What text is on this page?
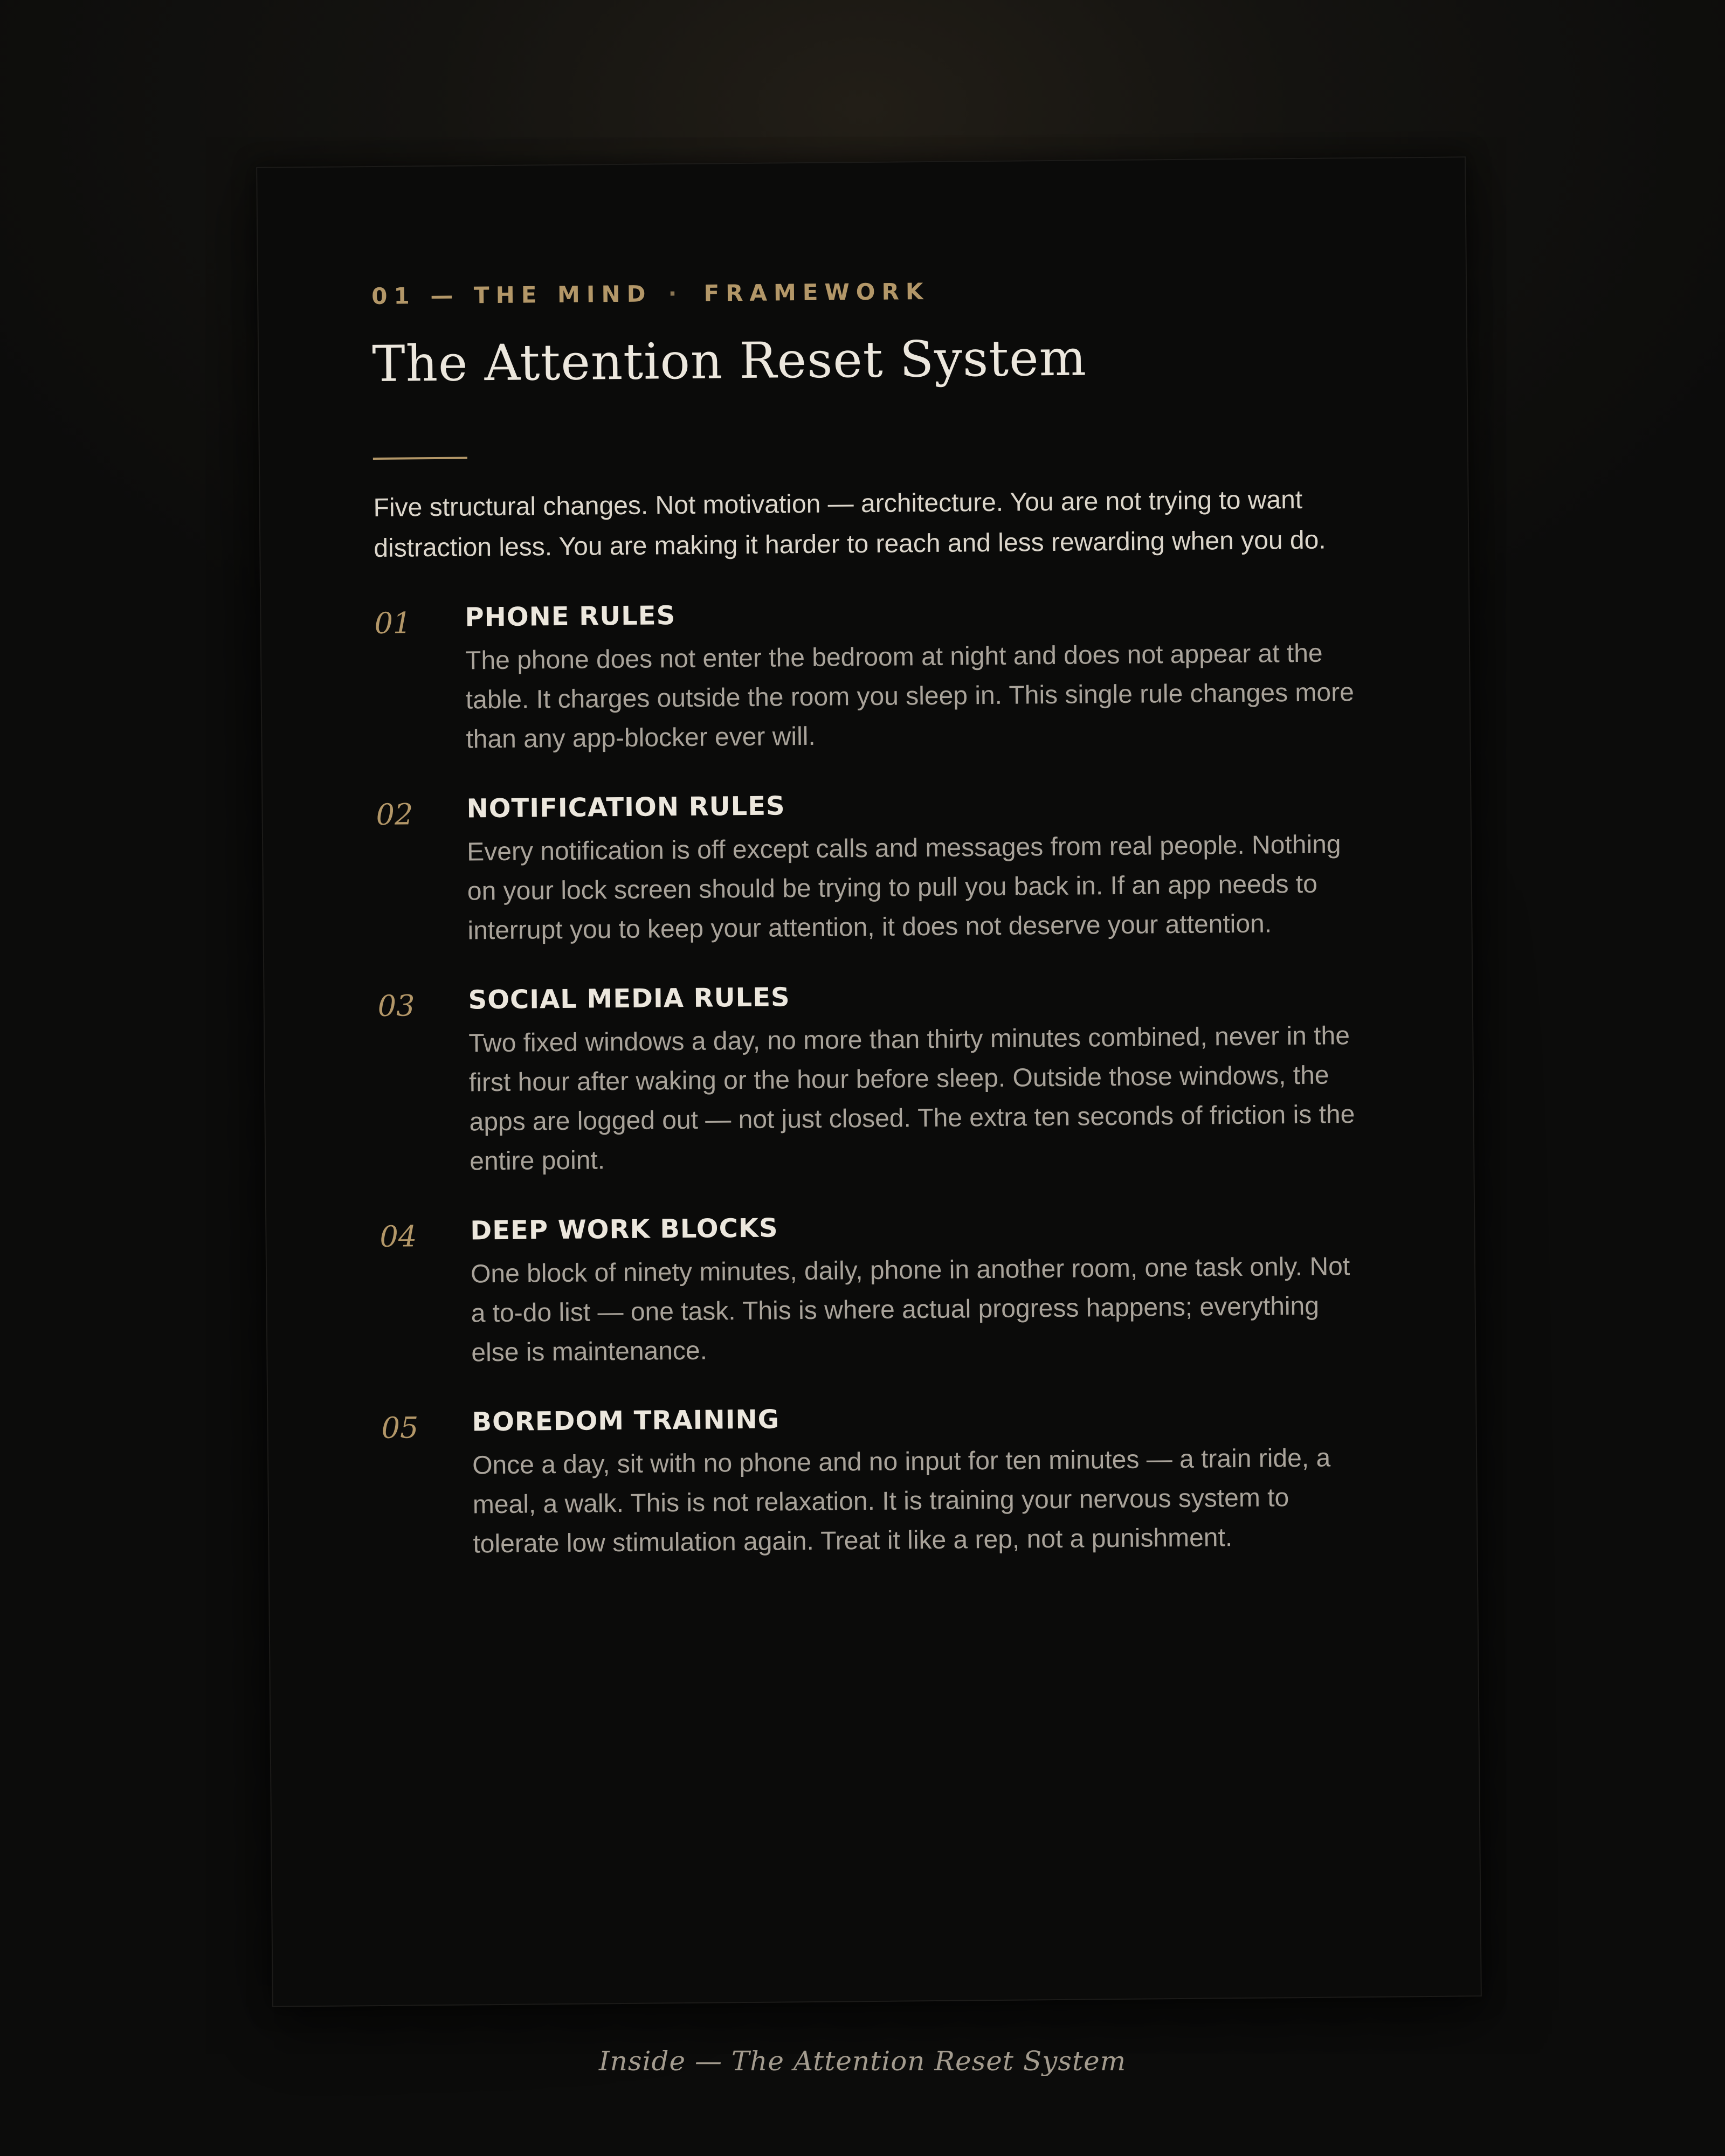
01 — THE MIND · FRAMEWORK
The Attention Reset System
Five structural changes. Not motivation — architecture. You are not trying to want distraction less. You are making it harder to reach and less rewarding when you do.
01	PHONE RULES
The phone does not enter the bedroom at night and does not appear at the table. It charges outside the room you sleep in. This single rule changes more than any app-blocker ever will.
02	NOTIFICATION RULES
Every notification is off except calls and messages from real people. Nothing on your lock screen should be trying to pull you back in. If an app needs to interrupt you to keep your attention, it does not deserve your attention.
03	SOCIAL MEDIA RULES
Two fixed windows a day, no more than thirty minutes combined, never in the first hour after waking or the hour before sleep. Outside those windows, the apps are logged out — not just closed. The extra ten seconds of friction is the entire point.
04	DEEP WORK BLOCKS
One block of ninety minutes, daily, phone in another room, one task only. Not a to-do list — one task. This is where actual progress happens; everything else is maintenance.
05	BOREDOM TRAINING
Once a day, sit with no phone and no input for ten minutes — a train ride, a meal, a walk. This is not relaxation. It is training your nervous system to tolerate low stimulation again. Treat it like a rep, not a punishment.
Inside — The Attention Reset System
